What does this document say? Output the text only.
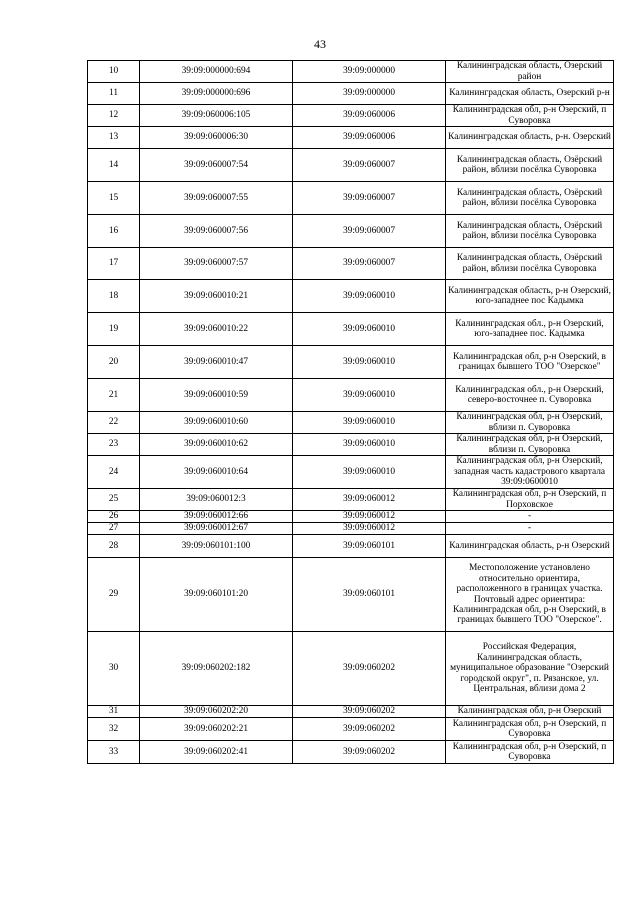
43
10	39:09:000000:694	39:09:000000	Калининградская область, Озерский район
11	39:09:000000:696	39:09:000000	Калининградская область, Озерский р-н
12	39:09:060006:105	39:09:060006	Калининградская обл, р-н Озерский, п Суворовка
13	39:09:060006:30	39:09:060006	Калининградская область, р-н. Озерский
14	39:09:060007:54	39:09:060007	Калининградская область, Озёрский район, вблизи посёлка Суворовка
15	39:09:060007:55	39:09:060007	Калининградская область, Озёрский район, вблизи посёлка Суворовка
16	39:09:060007:56	39:09:060007	Калининградская область, Озёрский район, вблизи посёлка Суворовка
17	39:09:060007:57	39:09:060007	Калининградская область, Озёрский район, вблизи посёлка Суворовка
18	39:09:060010:21	39:09:060010	Калининградская область, р-н Озерский, юго-западнее пос Кадымка
19	39:09:060010:22	39:09:060010	Калининградская обл., р-н Озерский, юго-западнее пос. Кадымка
20	39:09:060010:47	39:09:060010	Калининградская обл, р-н Озерский, в границах бывшего ТОО "Озерское"
21	39:09:060010:59	39:09:060010	Калининградская обл., р-н Озерский, северо-восточнее п. Суворовка
22	39:09:060010:60	39:09:060010	Калининградская обл, р-н Озерский, вблизи п. Суворовка
23	39:09:060010:62	39:09:060010	Калининградская обл, р-н Озерский, вблизи п. Суворовка
24	39:09:060010:64	39:09:060010	Калининградская обл, р-н Озерский, западная часть кадастрового квартала 39:09:0600010
25	39:09:060012:3	39:09:060012	Калининградская обл, р-н Озерский, п Порховское
26	39:09:060012:66	39:09:060012	-
27	39:09:060012:67	39:09:060012	-
28	39:09:060101:100	39:09:060101	Калининградская область, р-н Озерский
29	39:09:060101:20	39:09:060101	Местоположение установлено относительно ориентира, расположенного в границах участка. Почтовый адрес ориентира: Калининградская обл, р-н Озерский, в границах бывшего ТОО "Озерское".
30	39:09:060202:182	39:09:060202	Российская Федерация, Калининградская область, муниципальное образование "Озерский городской округ", п. Рязанское, ул. Центральная, вблизи дома 2
31	39:09:060202:20	39:09:060202	Калининградская обл, р-н Озерский
32	39:09:060202:21	39:09:060202	Калининградская обл, р-н Озерский, п Суворовка
33	39:09:060202:41	39:09:060202	Калининградская обл, р-н Озерский, п Суворовка
